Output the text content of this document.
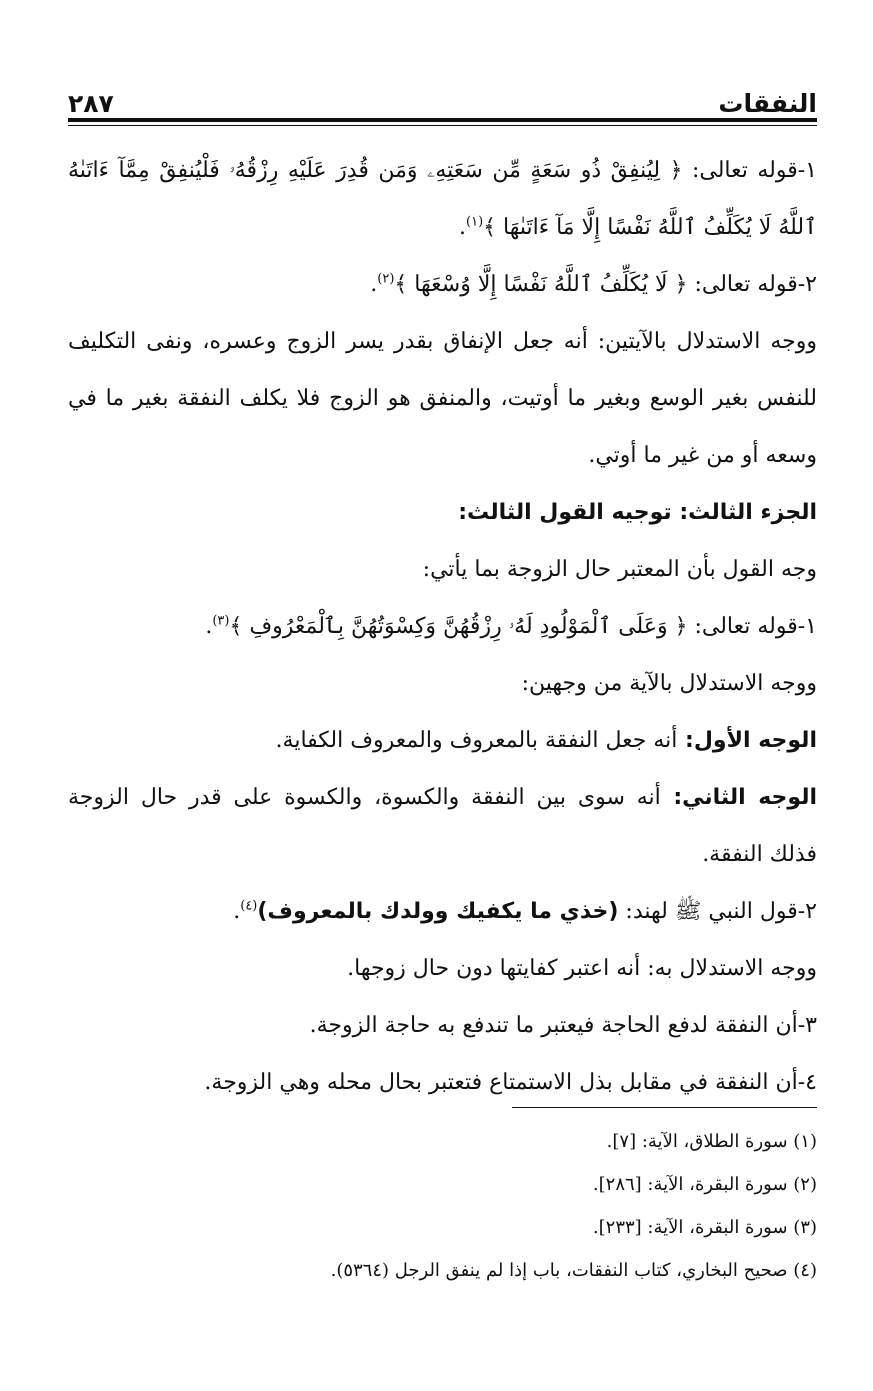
النفقات
٢٨٧

١-قوله تعالى: ﴿ لِيُنفِقْ ذُو سَعَةٍ مِّن سَعَتِهِۦ وَمَن قُدِرَ عَلَيْهِ رِزْقُهُۥ فَلْيُنفِقْ مِمَّآ ءَاتَىٰهُ ٱللَّهُ لَا يُكَلِّفُ ٱللَّهُ نَفْسًا إِلَّا مَآ ءَاتَىٰهَا ﴾$^{(١)}$.

٢-قوله تعالى: ﴿ لَا يُكَلِّفُ ٱللَّهُ نَفْسًا إِلَّا وُسْعَهَا ﴾$^{(٢)}$.

ووجه الاستدلال بالآيتين: أنه جعل الإنفاق بقدر يسر الزوج وعسره، ونفى التكليف للنفس بغير الوسع وبغير ما أوتيت، والمنفق هو الزوج فلا يكلف النفقة بغير ما في وسعه أو من غير ما أوتي.

الجزء الثالث: توجيه القول الثالث:

وجه القول بأن المعتبر حال الزوجة بما يأتي:

١-قوله تعالى: ﴿ وَعَلَى ٱلْمَوْلُودِ لَهُۥ رِزْقُهُنَّ وَكِسْوَتُهُنَّ بِٱلْمَعْرُوفِ ﴾$^{(٣)}$.

ووجه الاستدلال بالآية من وجهين:

الوجه الأول: أنه جعل النفقة بالمعروف والمعروف الكفاية.

الوجه الثاني: أنه سوى بين النفقة والكسوة، والكسوة على قدر حال الزوجة فذلك النفقة.

٢-قول النبي ﷺ لهند: (خذي ما يكفيك وولدك بالمعروف)$^{(٤)}$.

ووجه الاستدلال به: أنه اعتبر كفايتها دون حال زوجها.

٣-أن النفقة لدفع الحاجة فيعتبر ما تندفع به حاجة الزوجة.

٤-أن النفقة في مقابل بذل الاستمتاع فتعتبر بحال محله وهي الزوجة.

(١) سورة الطلاق، الآية: [٧].

(٢) سورة البقرة، الآية: [٢٨٦].

(٣) سورة البقرة، الآية: [٢٣٣].

(٤) صحيح البخاري، كتاب النفقات، باب إذا لم ينفق الرجل (٥٣٦٤).
